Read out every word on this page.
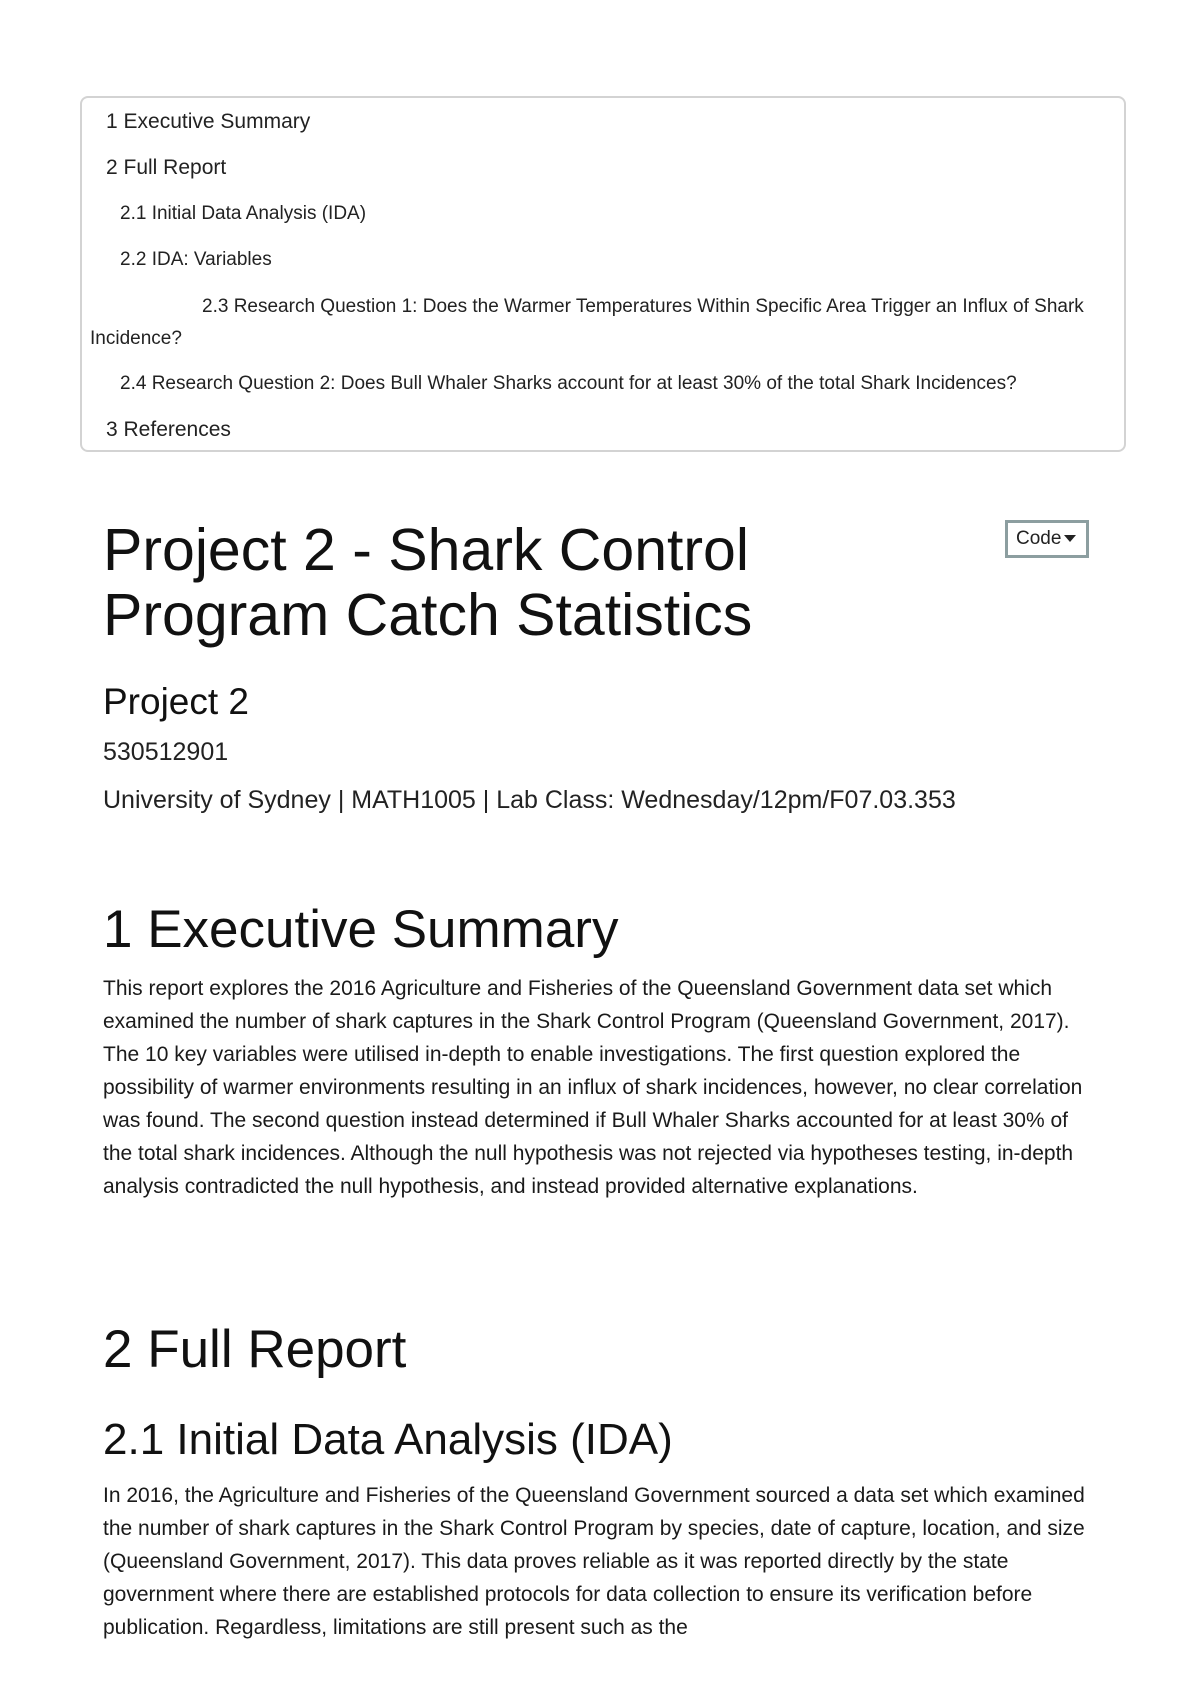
1 Executive Summary
2 Full Report
2.1 Initial Data Analysis (IDA)
2.2 IDA: Variables
2.3 Research Question 1: Does the Warmer Temperatures Within Specific Area Trigger an Influx of Shark Incidence?
2.4 Research Question 2: Does Bull Whaler Sharks account for at least 30% of the total Shark Incidences?
3 References
Code
Project 2 - Shark Control Program Catch Statistics
Project 2
530512901
University of Sydney | MATH1005 | Lab Class: Wednesday/12pm/F07.03.353
1 Executive Summary

This report explores the 2016 Agriculture and Fisheries of the Queensland Government data set which examined the number of shark captures in the Shark Control Program (Queensland Government, 2017). The 10 key variables were utilised in-depth to enable investigations. The first question explored the possibility of warmer environments resulting in an influx of shark incidences, however, no clear correlation was found. The second question instead determined if Bull Whaler Sharks accounted for at least 30% of the total shark incidences. Although the null hypothesis was not rejected via hypotheses testing, in-depth analysis contradicted the null hypothesis, and instead provided alternative explanations.

2 Full Report
2.1 Initial Data Analysis (IDA)

In 2016, the Agriculture and Fisheries of the Queensland Government sourced a data set which examined the number of shark captures in the Shark Control Program by species, date of capture, location, and size (Queensland Government, 2017). This data proves reliable as it was reported directly by the state government where there are established protocols for data collection to ensure its verification before publication. Regardless, limitations are still present such as the
